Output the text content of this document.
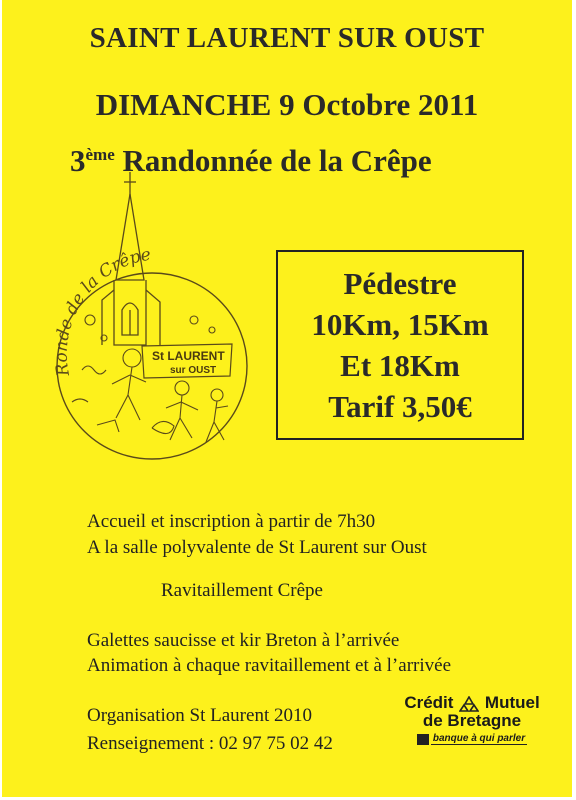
SAINT LAURENT SUR OUST
DIMANCHE 9 Octobre 2011
3ème Randonnée de la Crêpe
Ronde de la Crêpe
St LAURENT
sur OUST
Pédestre
10Km, 15Km
Et 18Km
Tarif 3,50€
Accueil et inscription à partir de 7h30
A la salle polyvalente de St Laurent sur Oust
Ravitaillement Crêpe
Galettes saucisse et kir Breton à l’arrivée
Animation à chaque ravitaillement et à l’arrivée
Organisation St Laurent 2010
Renseignement : 02 97 75 02 42
Crédit Mutuel
de Bretagne
banque à qui parler
